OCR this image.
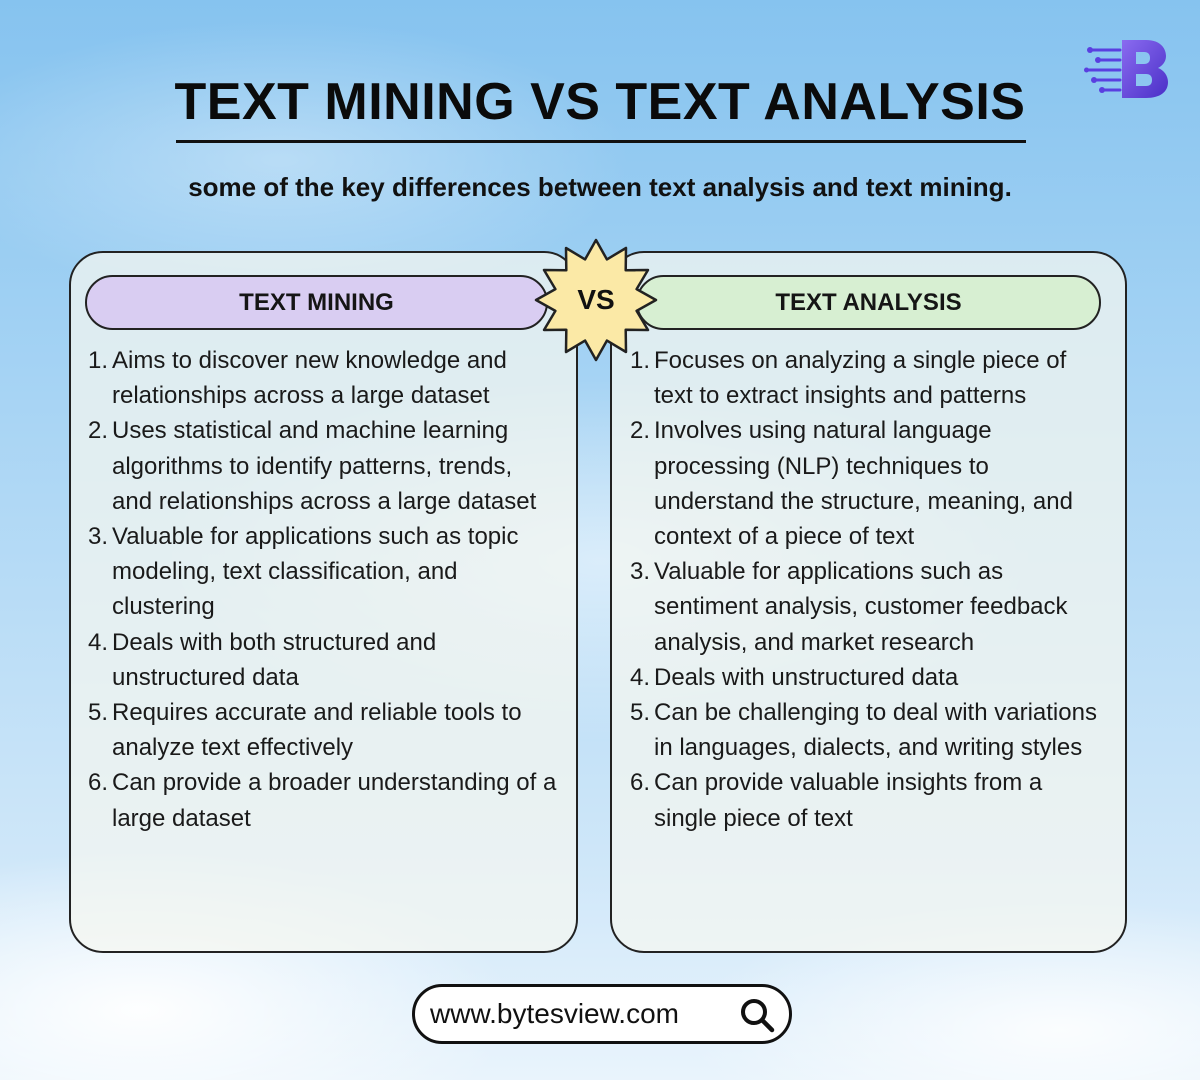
TEXT MINING VS TEXT ANALYSIS
some of the key differences between text analysis and text mining.
TEXT MINING	TEXT ANALYSIS
VS
1. Aims to discover new knowledge and relationships across a large dataset
2. Uses statistical and machine learning algorithms to identify patterns, trends, and relationships across a large dataset
3. Valuable for applications such as topic modeling, text classification, and clustering
4. Deals with both structured and unstructured data
5. Requires accurate and reliable tools to analyze text effectively
6. Can provide a broader understanding of a large dataset
1. Focuses on analyzing a single piece of text to extract insights and patterns
2. Involves using natural language processing (NLP) techniques to understand the structure, meaning, and context of a piece of text
3. Valuable for applications such as sentiment analysis, customer feedback analysis, and market research
4. Deals with unstructured data
5. Can be challenging to deal with variations in languages, dialects, and writing styles
6. Can provide valuable insights from a single piece of text
www.bytesview.com
